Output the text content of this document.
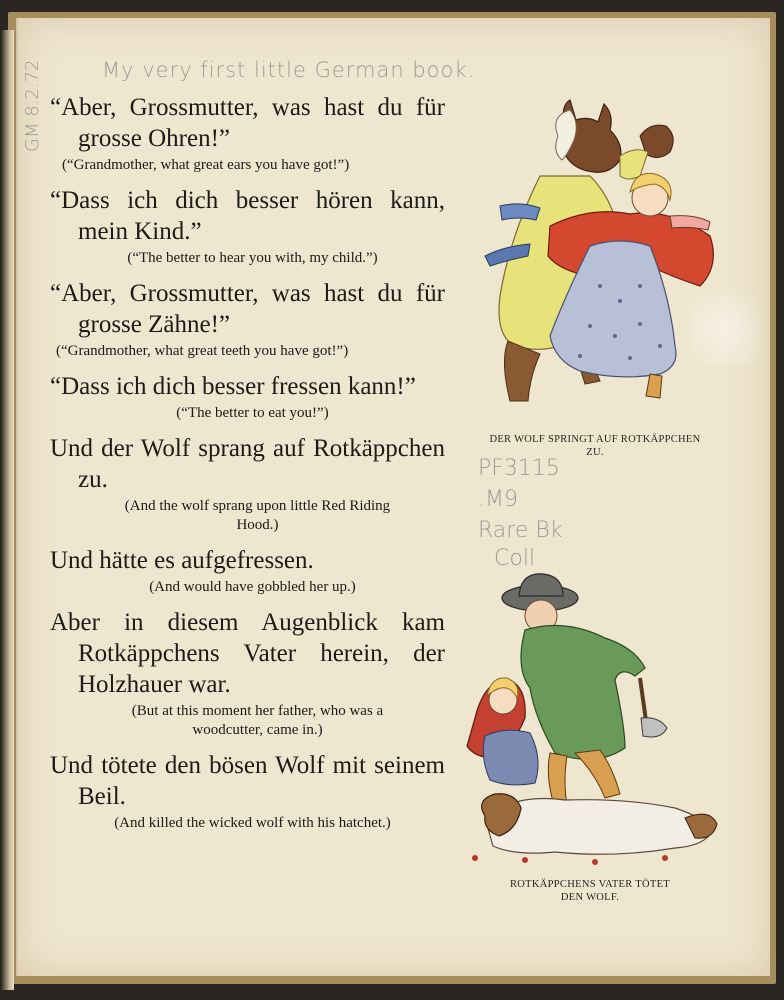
My very first little German book.
GM 8.2.72
PF3115
.M9
Rare Bk
Coll

“Aber, Grossmutter, was hast du für grosse Ohren!”

(“Grandmother, what great ears you have got!”)

“Dass ich dich besser hören kann, mein Kind.”

(“The better to hear you with, my child.”)

“Aber, Grossmutter, was hast du für grosse Zähne!”

(“Grandmother, what great teeth you have got!”)

“Dass ich dich besser fressen kann!”

(“The better to eat you!”)

Und der Wolf sprang auf Rotkäppchen zu.

(And the wolf sprang upon little Red Riding Hood.)

Und hätte es aufgefressen.

(And would have gobbled her up.)

Aber in diesem Augenblick kam Rotkäppchens Vater herein, der Holzhauer war.

(But at this moment her father, who was a woodcutter, came in.)

Und tötete den bösen Wolf mit seinem Beil.

(And killed the wicked wolf with his hatchet.)

DER WOLF SPRINGT AUF ROTKÄPPCHEN
ZU.
ROTKÄPPCHENS VATER TÖTET
DEN WOLF.
